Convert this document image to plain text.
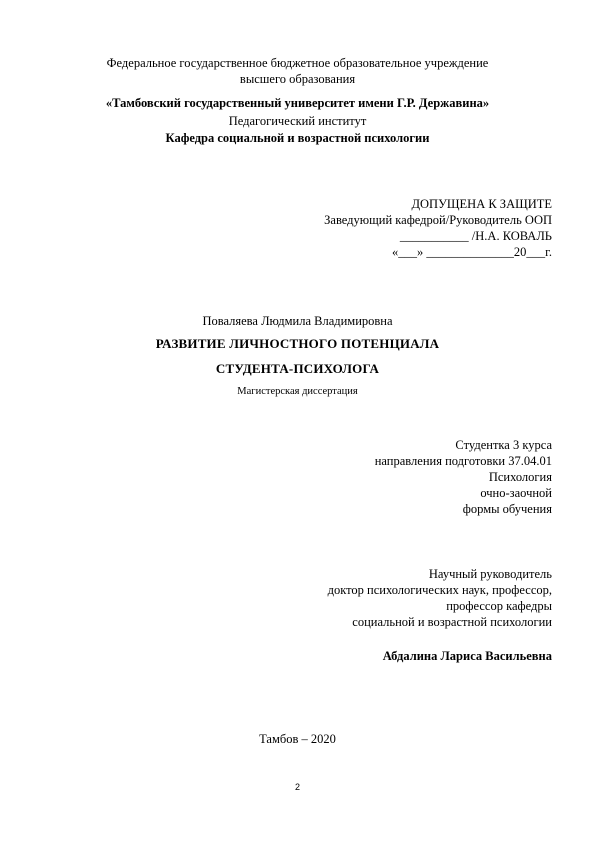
Федеральное государственное бюджетное образовательное учреждение
высшего образования
«Тамбовский государственный университет имени Г.Р. Державина»
Педагогический институт
Кафедра социальной и возрастной психологии
ДОПУЩЕНА К ЗАЩИТЕ
Заведующий кафедрой/Руководитель ООП
___________ /Н.А. КОВАЛЬ
«___» ______________20___г.
Поваляева Людмила Владимировна
РАЗВИТИЕ ЛИЧНОСТНОГО ПОТЕНЦИАЛА
СТУДЕНТА-ПСИХОЛОГА
Магистерская диссертация
Студентка 3 курса
направления подготовки 37.04.01
Психология
очно-заочной
формы обучения
Научный руководитель
доктор психологических наук, профессор,
профессор кафедры
социальной и возрастной психологии
Абдалина Лариса Васильевна
Тамбов – 2020
2
